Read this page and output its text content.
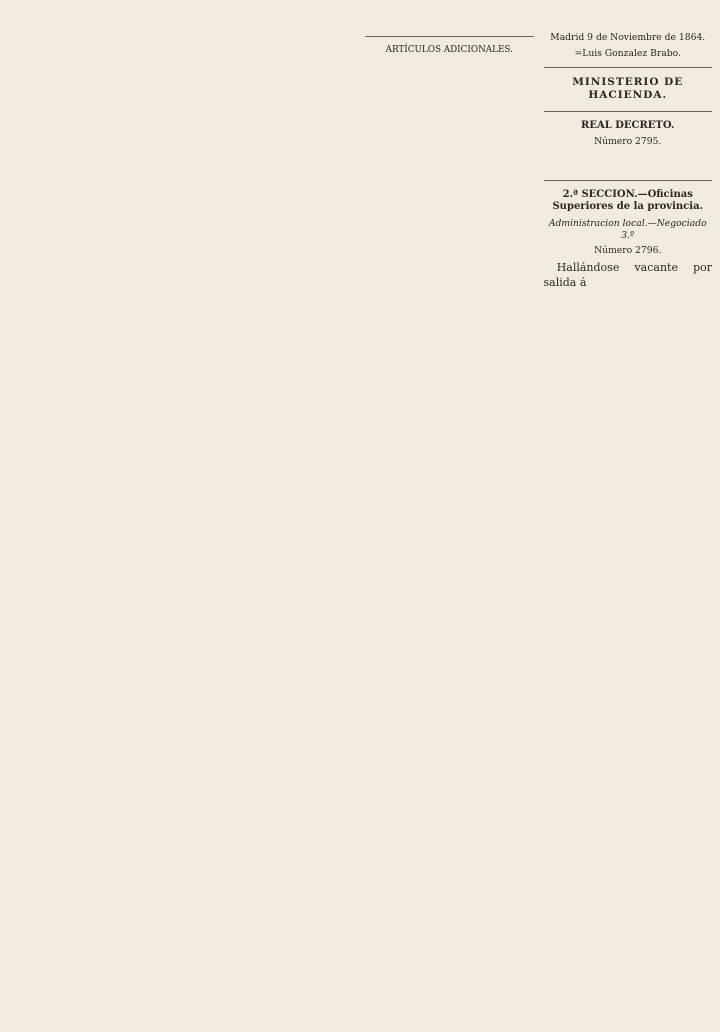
ARTÍCULOS ADICIONALES.
Madrid 9 de Noviembre de 1864.
=Luis Gonzalez Brabo.
MINISTERIO DE HACIENDA.
REAL DECRETO.
Número 2795.
2.ª SECCION.—Oficinas Superiores de la provincia.
Administracion local.—Negociado 3.º
Número 2796.

Hallándose vacante por salida á
